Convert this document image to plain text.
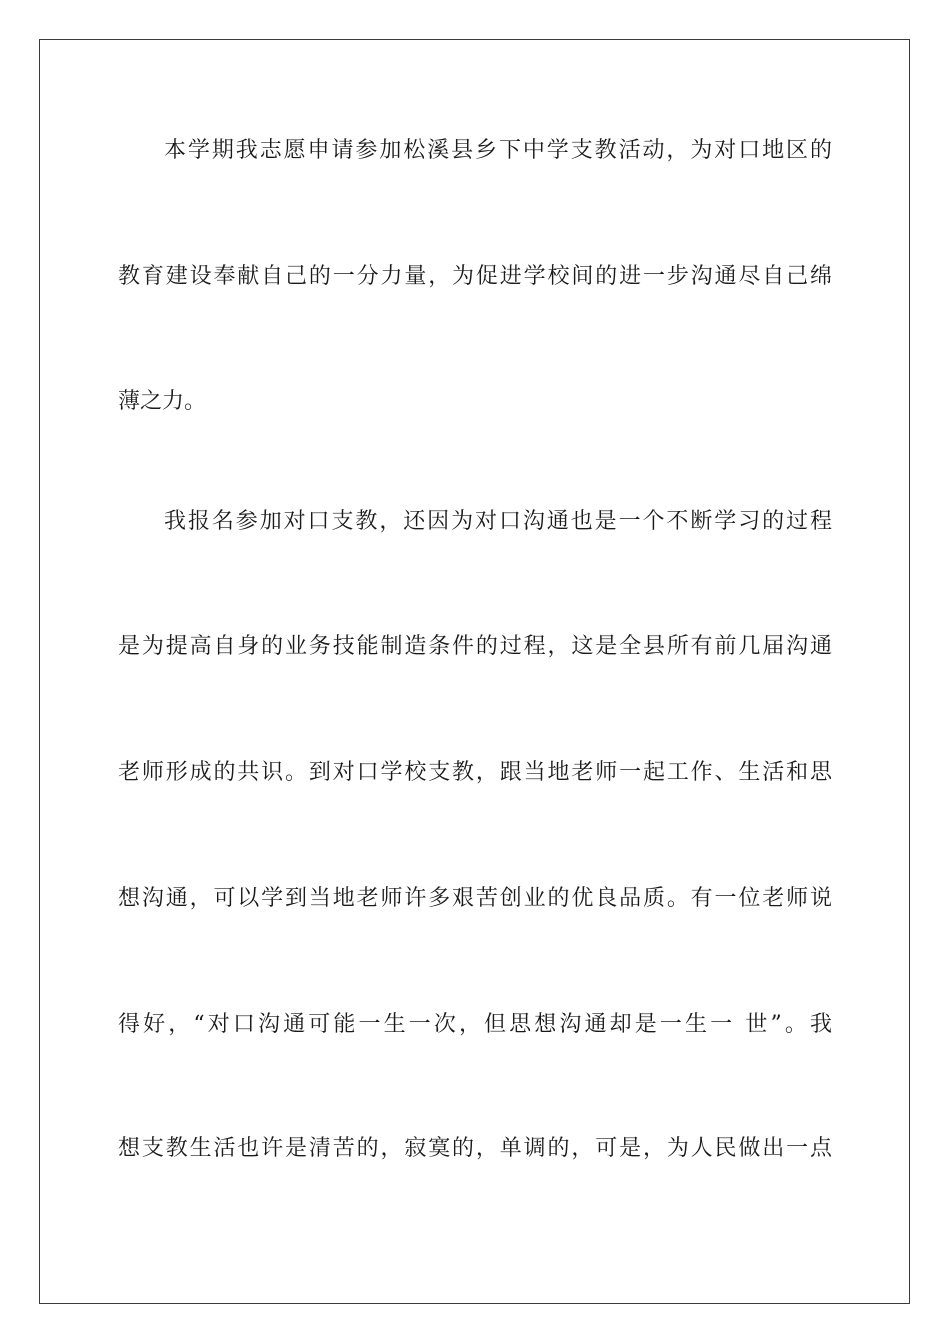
本学期我志愿申请参加松溪县乡下中学支教活动，为对口地区的
教育建设奉献自己的一分力量，为促进学校间的进一步沟通尽自己绵
薄之力。
我报名参加对口支教，还因为对口沟通也是一个不断学习的过程
是为提高自身的业务技能制造条件的过程，这是全县所有前几届沟通
老师形成的共识。到对口学校支教，跟当地老师一起工作、生活和思
想沟通，可以学到当地老师许多艰苦创业的优良品质。有一位老师说
得好，“对口沟通可能一生一次，但思想沟通却是一生一 世”。我
想支教生活也许是清苦的，寂寞的，单调的，可是，为人民做出一点
